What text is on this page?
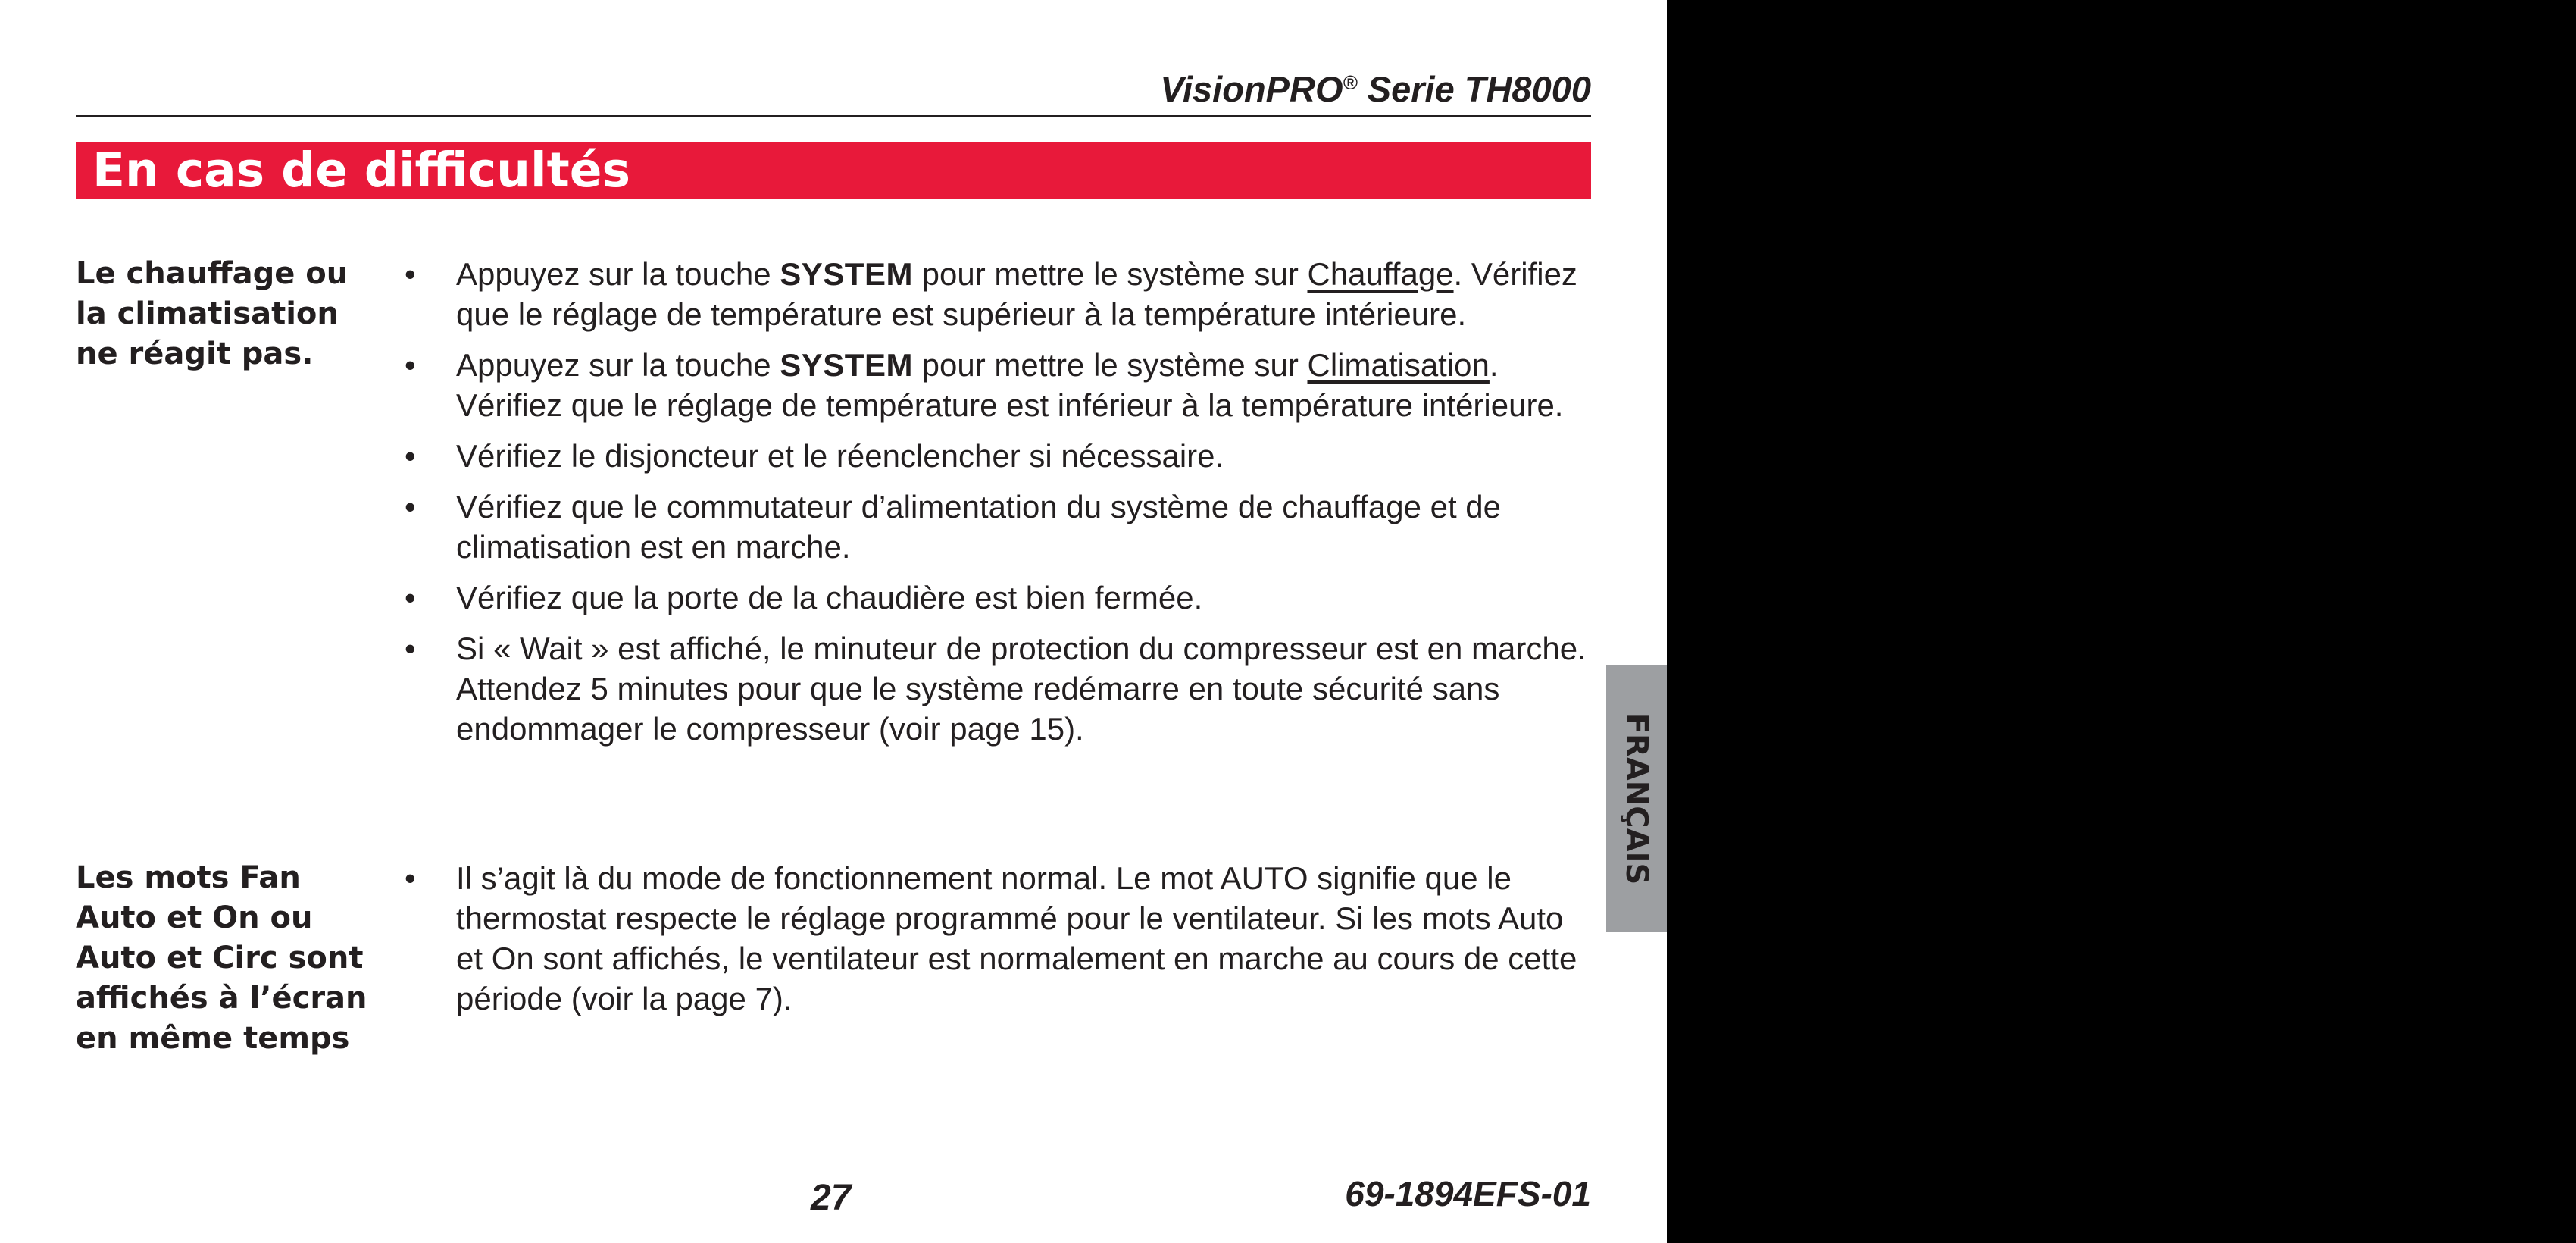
VisionPRO® Serie TH8000
En cas de difficultés

Le chauffage ou
la climatisation
ne réagit pas.

• Appuyez sur la touche SYSTEM pour mettre le système sur Chauffage. Vérifiez que le réglage de température est supérieur à la température intérieure.
• Appuyez sur la touche SYSTEM pour mettre le système sur Climatisation. Vérifiez que le réglage de température est inférieur à la température intérieure.
• Vérifiez le disjoncteur et le réenclencher si nécessaire.
• Vérifiez que le commutateur d’alimentation du système de chauffage et de climatisation est en marche.
• Vérifiez que la porte de la chaudière est bien fermée.
• Si « Wait » est affiché, le minuteur de protection du compresseur est en marche. Attendez 5 minutes pour que le système redémarre en toute sécurité sans endommager le compresseur (voir page 15).

Les mots Fan
Auto et On ou
Auto et Circ sont
affichés à l’écran
en même temps

• Il s’agit là du mode de fonctionnement normal. Le mot AUTO signifie que le thermostat respecte le réglage programmé pour le ventilateur. Si les mots Auto et On sont affichés, le ventilateur est normalement en marche au cours de cette période (voir la page 7).
FRANÇAIS
27	69-1894EFS-01
